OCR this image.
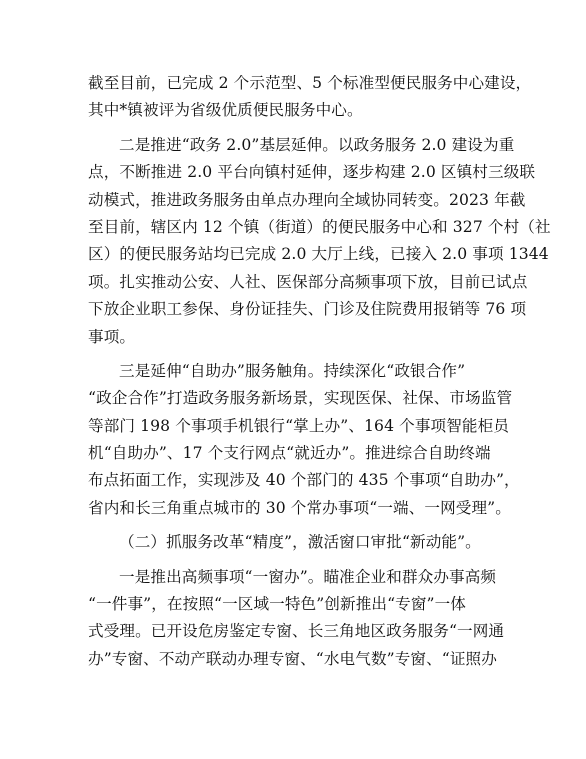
截至目前，已完成 2 个示范型、5 个标准型便民服务中心建设，
其中*镇被评为省级优质便民服务中心。
二是推进“政务 2.0”基层延伸。以政务服务 2.0 建设为重
点，不断推进 2.0 平台向镇村延伸，逐步构建 2.0 区镇村三级联
动模式，推进政务服务由单点办理向全域协同转变。2023 年截
至目前，辖区内 12 个镇（街道）的便民服务中心和 327 个村（社
区）的便民服务站均已完成 2.0 大厅上线，已接入 2.0 事项 1344
项。扎实推动公安、人社、医保部分高频事项下放，目前已试点
下放企业职工参保、身份证挂失、门诊及住院费用报销等 76 项
事项。
三是延伸“自助办”服务触角。持续深化“政银合作”
“政企合作”打造政务服务新场景，实现医保、社保、市场监管
等部门 198 个事项手机银行“掌上办”、164 个事项智能柜员
机“自助办”、17 个支行网点“就近办”。推进综合自助终端
布点拓面工作，实现涉及 40 个部门的 435 个事项“自助办”，
省内和长三角重点城市的 30 个常办事项“一端、一网受理”。
（二）抓服务改革“精度”，激活窗口审批“新动能”。
一是推出高频事项“一窗办”。瞄准企业和群众办事高频
“一件事”，在按照“一区域一特色”创新推出“专窗”一体
式受理。已开设危房鉴定专窗、长三角地区政务服务“一网通
办”专窗、不动产联动办理专窗、“水电气数”专窗、“证照办
